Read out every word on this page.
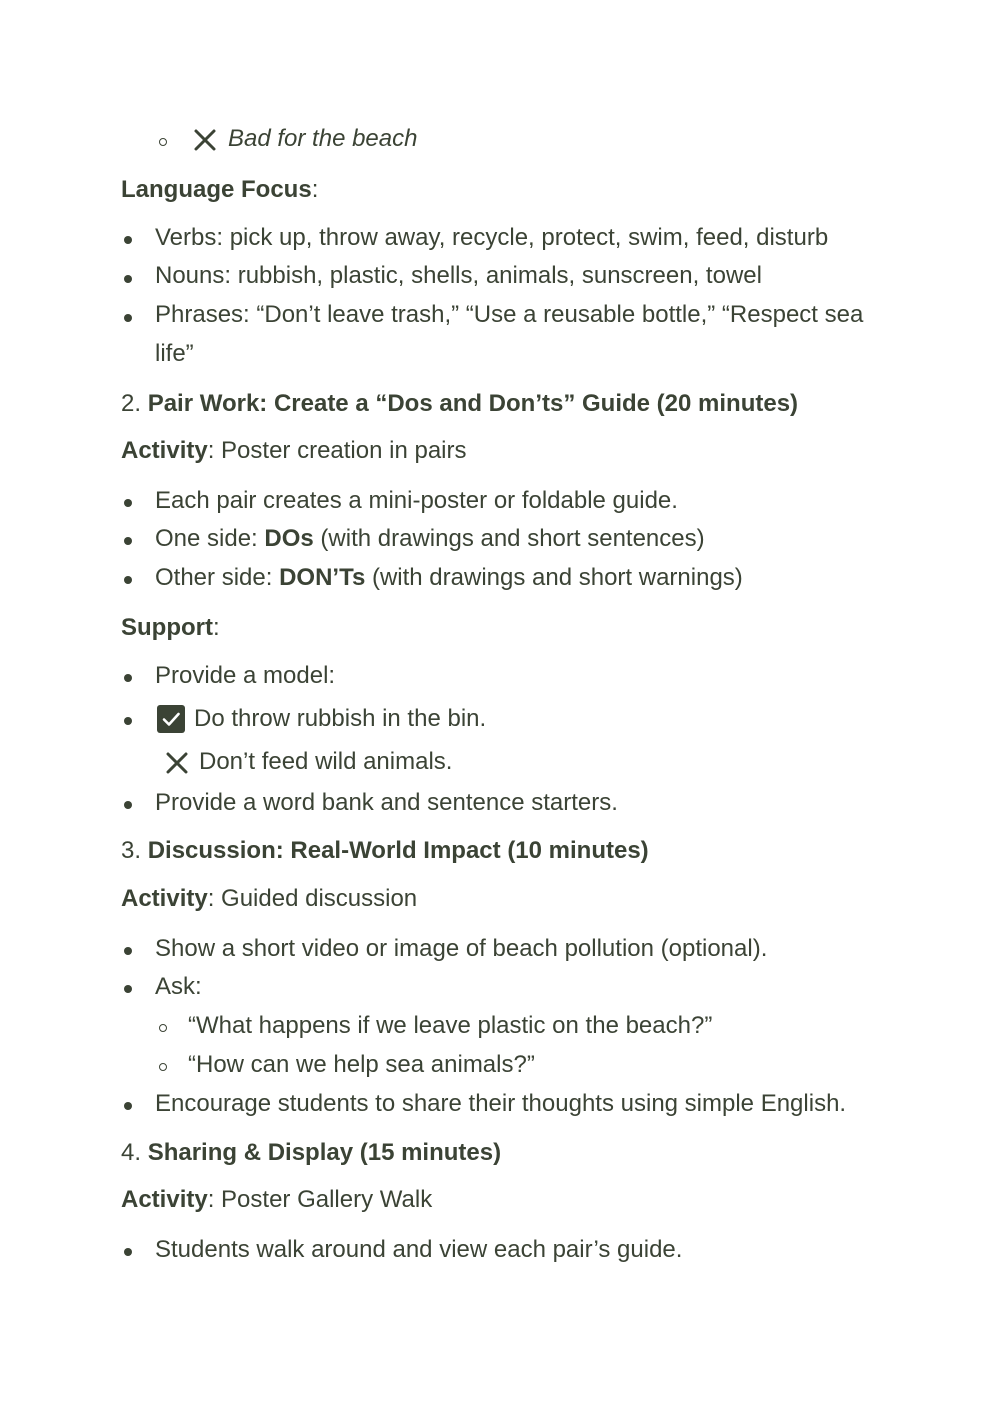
Bad for the beach
Language Focus:
Verbs: pick up, throw away, recycle, protect, swim, feed, disturb
Nouns: rubbish, plastic, shells, animals, sunscreen, towel
Phrases: “Don’t leave trash,” “Use a reusable bottle,” “Respect sea
life”
2. Pair Work: Create a “Dos and Don’ts” Guide (20 minutes)
Activity: Poster creation in pairs
Each pair creates a mini-poster or foldable guide.
One side: DOs (with drawings and short sentences)
Other side: DON’Ts (with drawings and short warnings)
Support:
Provide a model:
Do throw rubbish in the bin.
Don’t feed wild animals.
Provide a word bank and sentence starters.
3. Discussion: Real-World Impact (10 minutes)
Activity: Guided discussion
Show a short video or image of beach pollution (optional).
Ask:
“What happens if we leave plastic on the beach?”
“How can we help sea animals?”
Encourage students to share their thoughts using simple English.
4. Sharing & Display (15 minutes)
Activity: Poster Gallery Walk
Students walk around and view each pair’s guide.
